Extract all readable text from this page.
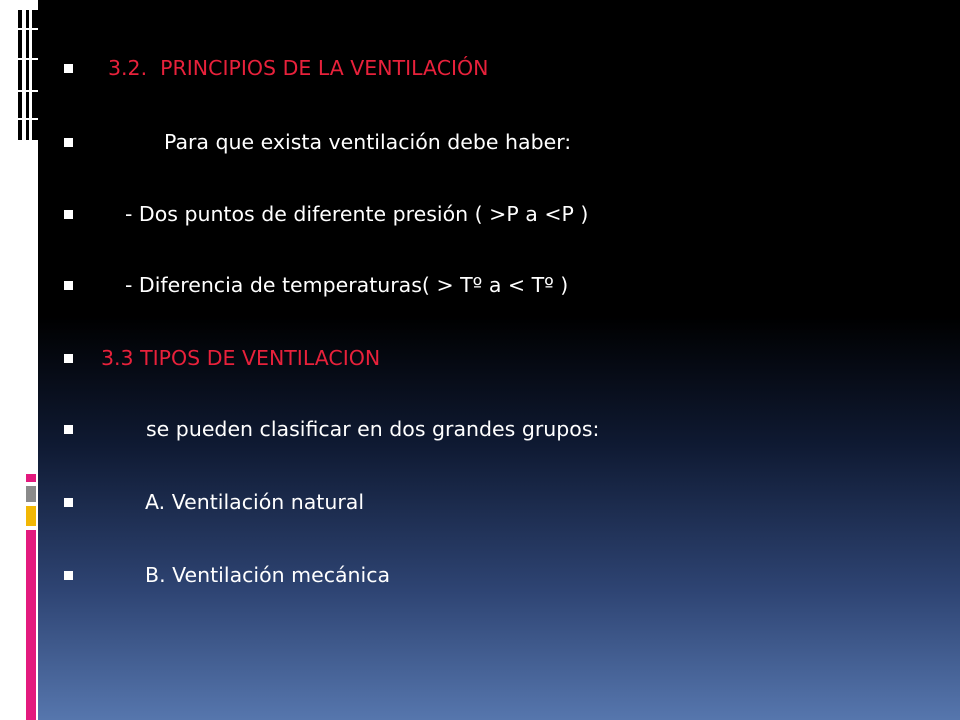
3.2.  PRINCIPIOS DE LA VENTILACIÓN
Para que exista ventilación debe haber:
- Dos puntos de diferente presión ( >P a <P )
- Diferencia de temperaturas( > Tº a < Tº )
3.3 TIPOS DE VENTILACION
se pueden clasificar en dos grandes grupos:
A. Ventilación natural
B. Ventilación mecánica
